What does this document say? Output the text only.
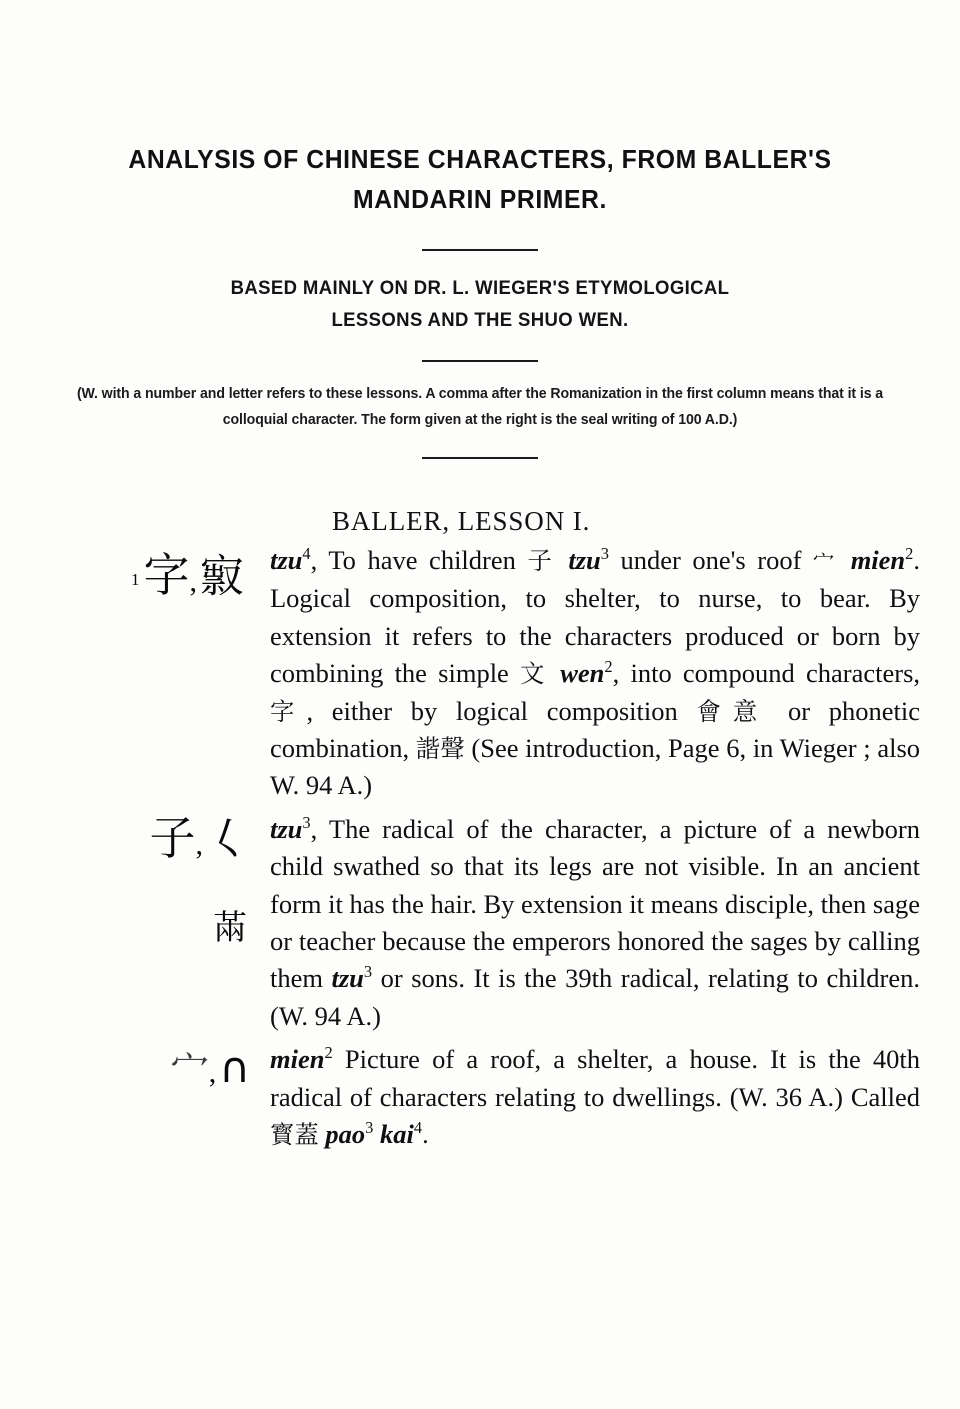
ANALYSIS OF CHINESE CHARACTERS, FROM BALLER'S
MANDARIN PRIMER.
BASED MAINLY ON DR. L. WIEGER'S ETYMOLOGICAL
LESSONS AND THE SHUO WEN.
(W. with a number and letter refers to these lessons. A comma after the Romanization in the first column means that it is a colloquial character. The form given at the right is the seal writing of 100 A.D.)
BALLER, LESSON I.
1字,㝮 tzu$^4$, To have children 子 tzu$^3$ under one's roof 宀 mien$^2$. Logical composition, to shelter, to nurse, to bear. By extension it refers to the characters produced or born by combining the simple 文 wen$^2$, into compound characters, 字, either by logical composition 會意 or phonetic combination, 諧聲 (See introduction, Page 6, in Wieger ; also W. 94 A.)

子,𡿨
㒼

tzu$^3$, The radical of the character, a picture of a newborn child swathed so that its legs are not visible. In an ancient form it has the hair. By extension it means disciple, then sage or teacher because the emperors honored the sages by calling them tzu$^3$ or sons. It is the 39th radical, relating to children. (W. 94 A.)

宀,∩ mien$^2$ Picture of a roof, a shelter, a house. It is the 40th radical of characters relating to dwellings. (W. 36 A.) Called 寳蓋 pao$^3$ kai$^4$.
